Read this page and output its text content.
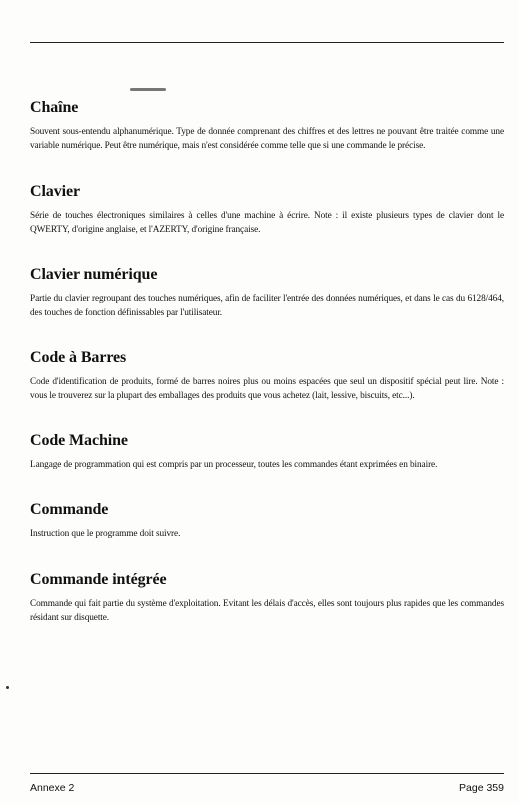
Chaîne

Souvent sous-entendu alphanumérique. Type de donnée comprenant des chiffres et des lettres ne pouvant être traitée comme une variable numérique. Peut être numérique, mais n'est considérée comme telle que si une commande le précise.

Clavier

Série de touches électroniques similaires à celles d'une machine à écrire. Note : il existe plusieurs types de clavier dont le QWERTY, d'origine anglaise, et l'AZERTY, d'origine française.

Clavier numérique

Partie du clavier regroupant des touches numériques, afin de faciliter l'entrée des données numériques, et dans le cas du 6128/464, des touches de fonction définissables par l'utilisateur.

Code à Barres

Code d'identification de produits, formé de barres noires plus ou moins espacées que seul un dispositif spécial peut lire. Note : vous le trouverez sur la plupart des emballages des produits que vous achetez (lait, lessive, biscuits, etc...).

Code Machine

Langage de programmation qui est compris par un processeur, toutes les commandes étant exprimées en binaire.

Commande

Instruction que le programme doit suivre.

Commande intégrée

Commande qui fait partie du système d'exploitation. Evitant les délais d'accès, elles sont toujours plus rapides que les commandes résidant sur disquette.

Annexe 2	Page 359
